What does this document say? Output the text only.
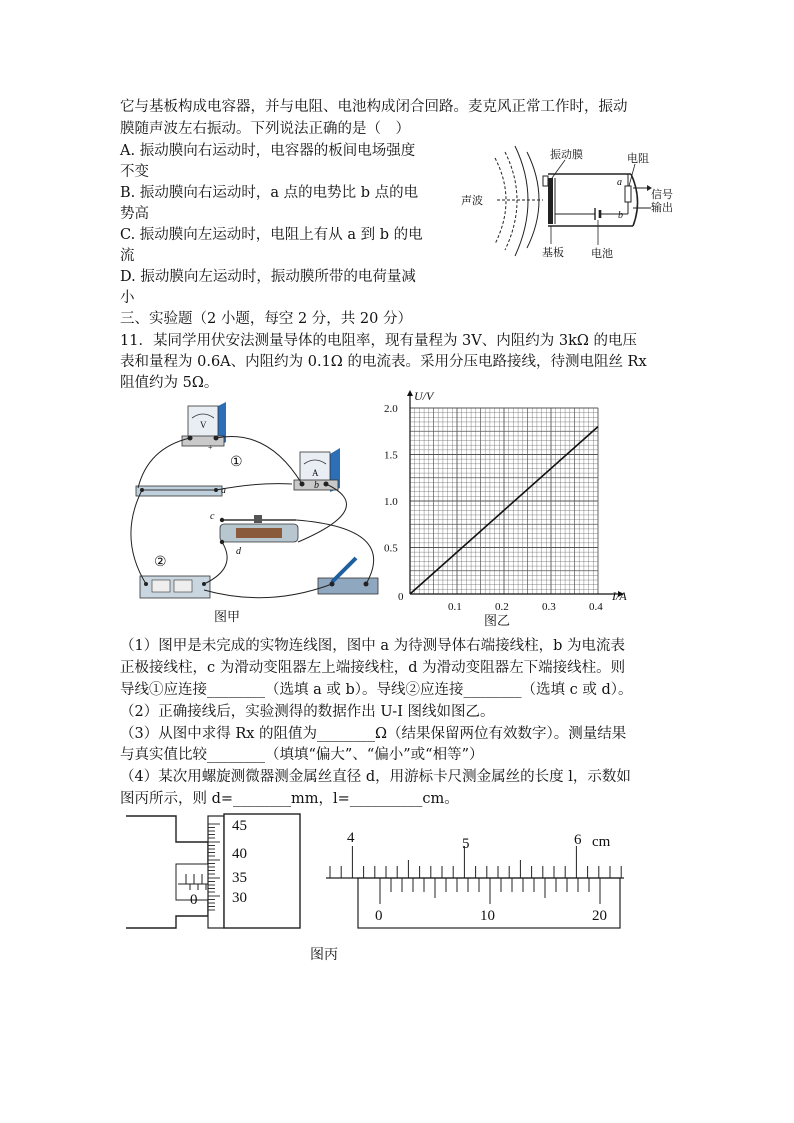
它与基板构成电容器，并与电阻、电池构成闭合回路。麦克风正常工作时，振动
膜随声波左右振动。下列说法正确的是（　）
A. 振动膜向右运动时，电容器的板间电场强度
不变
B. 振动膜向右运动时，a 点的电势比 b 点的电
势高
C. 振动膜向左运动时，电阻上有从 a 到 b 的电
流
D. 振动膜向左运动时，振动膜所带的电荷量减
小
声波
a
b
信号
输出
振动膜	电阻
基板 电池
三、实验题（2 小题，每空 2 分，共 20 分）
11．某同学用伏安法测量导体的电阻率，现有量程为 3V、内阻约为 3kΩ 的电压
表和量程为 0.6A、内阻约为 0.1Ω 的电流表。采用分压电路接线，待测电阻丝 Rx
阻值约为 5Ω。
V
+
A
b
a
c
d
①
②
图甲
I/A
U/V
0
0.1	0.2	0.3	0.4
0.5
1.0
1.5
2.0
图乙
（1）图甲是未完成的实物连线图，图中 a 为待测导体右端接线柱，b 为电流表
正极接线柱，c 为滑动变阻器左上端接线柱，d 为滑动变阻器左下端接线柱。则
导线①应连接________（选填 a 或 b）。导线②应连接________（选填 c 或 d）。
（2）正确接线后，实验测得的数据作出 U-I 图线如图乙。
（3）从图中求得 Rx 的阻值为________Ω（结果保留两位有效数字）。测量结果
与真实值比较________（填填“偏大”、“偏小”或“相等”）
（4）某次用螺旋测微器测金属丝直径 d，用游标卡尺测金属丝的长度 l，示数如
图丙所示，则 d=________mm，l=__________cm。
0
45
40
35
30
4	5	6 cm
0	10	20
图丙
